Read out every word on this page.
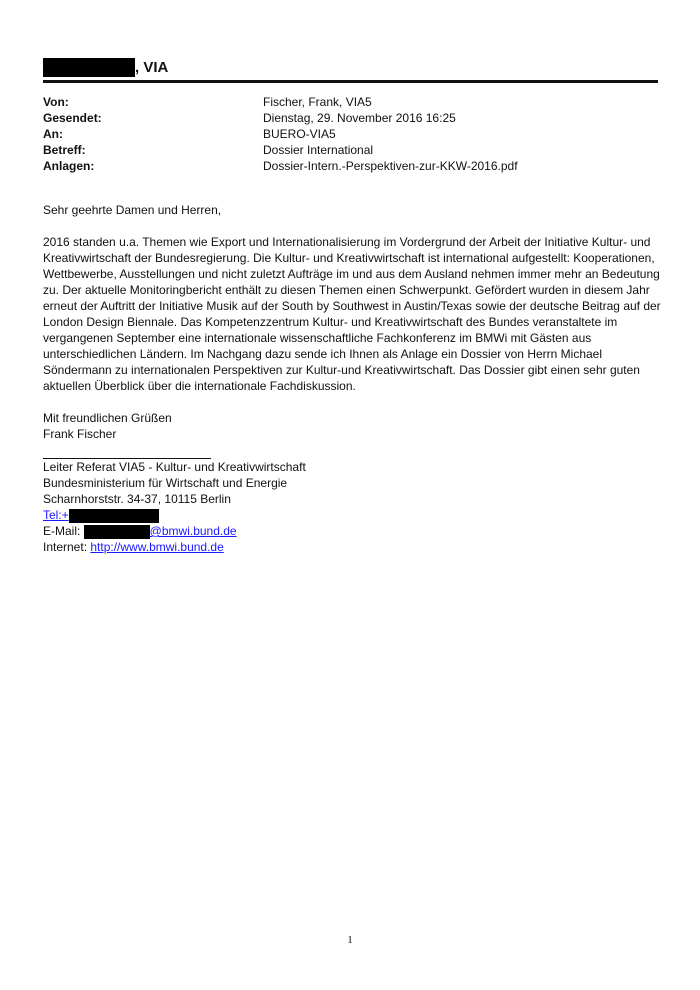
, VIA
Von:	Fischer, Frank, VIA5
Gesendet:	Dienstag, 29. November 2016 16:25
An:	BUERO-VIA5
Betreff:	Dossier International
Anlagen:	Dossier-Intern.-Perspektiven-zur-KKW-2016.pdf

Sehr geehrte Damen und Herren,

2016 standen u.a. Themen wie Export und Internationalisierung im Vordergrund der Arbeit der Initiative Kultur- und Kreativwirtschaft der Bundesregierung. Die Kultur- und Kreativwirtschaft ist international aufgestellt: Kooperationen, Wettbewerbe, Ausstellungen und nicht zuletzt Aufträge im und aus dem Ausland nehmen immer mehr an Bedeutung zu. Der aktuelle Monitoringbericht enthält zu diesen Themen einen Schwerpunkt. Gefördert wurden in diesem Jahr erneut der Auftritt der Initiative Musik auf der South by Southwest in Austin/Texas sowie der deutsche Beitrag auf der London Design Biennale. Das Kompetenzzentrum Kultur- und Kreativwirtschaft des Bundes veranstaltete im vergangenen September eine internationale wissenschaftliche Fachkonferenz im BMWi mit Gästen aus unterschiedlichen Ländern. Im Nachgang dazu sende ich Ihnen als Anlage ein Dossier von Herrn Michael Söndermann zu internationalen Perspektiven zur Kultur-und Kreativwirtschaft. Das Dossier gibt einen sehr guten aktuellen Überblick über die internationale Fachdiskussion.

Mit freundlichen Grüßen

Frank Fischer

Leiter Referat VIA5 - Kultur- und Kreativwirtschaft

Bundesministerium für Wirtschaft und Energie

Scharnhorststr. 34-37, 10115 Berlin

Tel:+

E-Mail:	@bmwi.bund.de

Internet: http://www.bmwi.bund.de

1
